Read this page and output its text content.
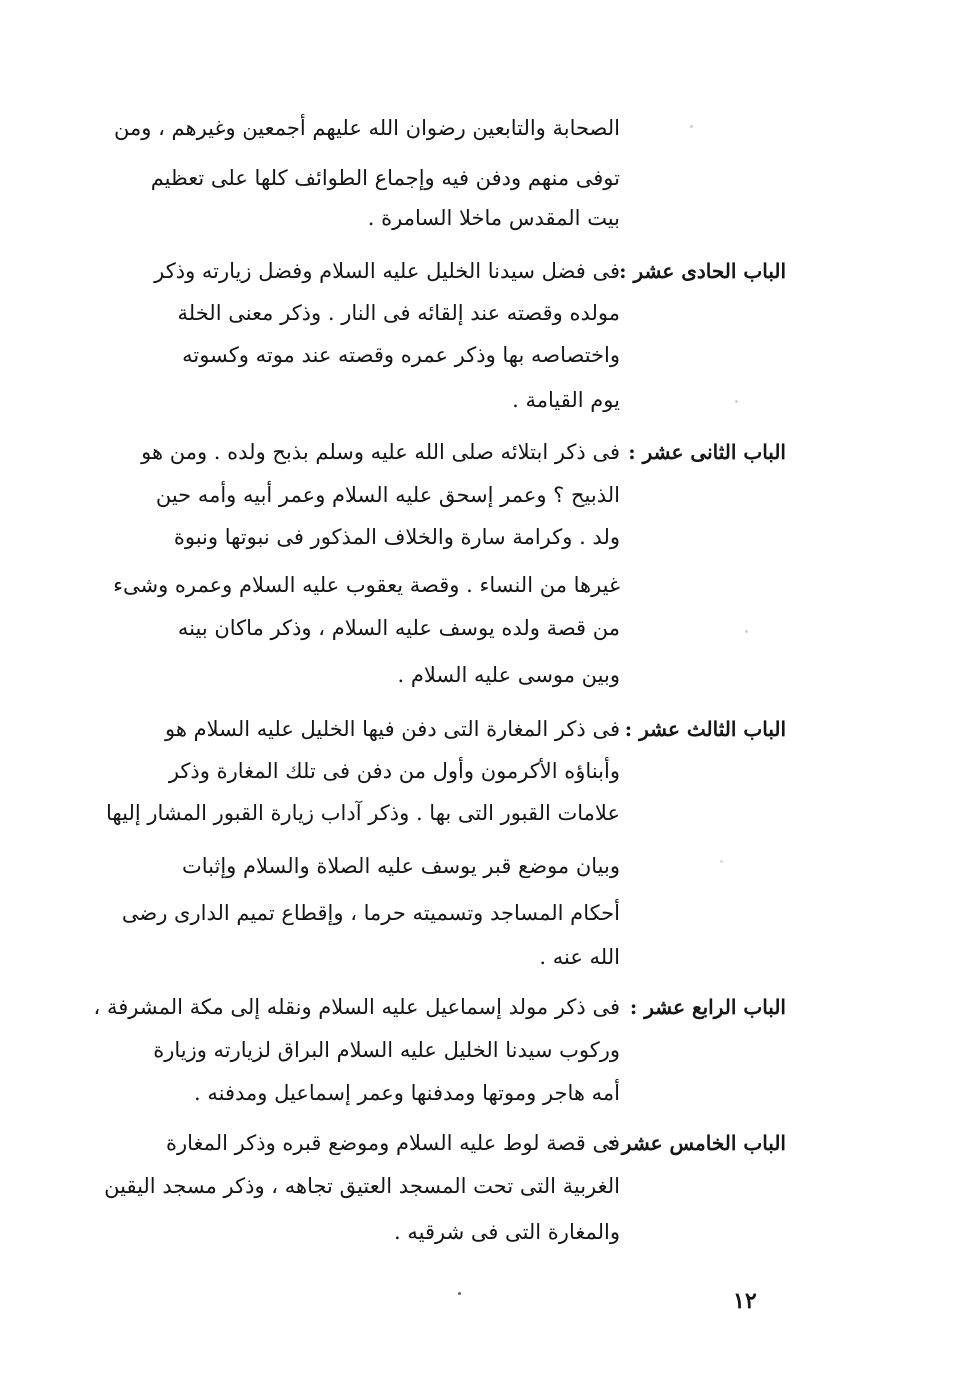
الصحابة والتابعين رضوان الله عليهم أجمعين وغيرهم ، ومن
توفى منهم ودفن فيه وإجماع الطوائف كلها على تعظيم
بيت المقدس ماخلا السامرة .
الباب الحادى عشر :
فى فضل سيدنا الخليل عليه السلام وفضل زيارته وذكر
مولده وقصته عند إلقائه فى النار . وذكر معنى الخلة
واختصاصه بها وذكر عمره وقصته عند موته وكسوته
يوم القيامة .
الباب الثانى عشر :
فى ذكر ابتلائه صلى الله عليه وسلم بذبح ولده . ومن هو
الذبيح ؟ وعمر إسحق عليه السلام وعمر أبيه وأمه حين
ولد . وكرامة سارة والخلاف المذكور فى نبوتها ونبوة
غيرها من النساء . وقصة يعقوب عليه السلام وعمره وشىء
من قصة ولده يوسف عليه السلام ، وذكر ماكان بينه
وبين موسى عليه السلام .
الباب الثالث عشر :
فى ذكر المغارة التى دفن فيها الخليل عليه السلام هو
وأبناؤه الأكرمون وأول من دفن فى تلك المغارة وذكر
علامات القبور التى بها . وذكر آداب زيارة القبور المشار إليها
وبيان موضع قبر يوسف عليه الصلاة والسلام وإثبات
أحكام المساجد وتسميته حرما ، وإقطاع تميم الدارى رضى
الله عنه .
الباب الرابع عشر :
فى ذكر مولد إسماعيل عليه السلام ونقله إلى مكة المشرفة ،
وركوب سيدنا الخليل عليه السلام البراق لزيارته وزيارة
أمه هاجر وموتها ومدفنها وعمر إسماعيل ومدفنه .
الباب الخامس عشر :
فى قصة لوط عليه السلام وموضع قبره وذكر المغارة
الغربية التى تحت المسجد العتيق تجاهه ، وذكر مسجد اليقين
والمغارة التى فى شرقيه .
١٢
